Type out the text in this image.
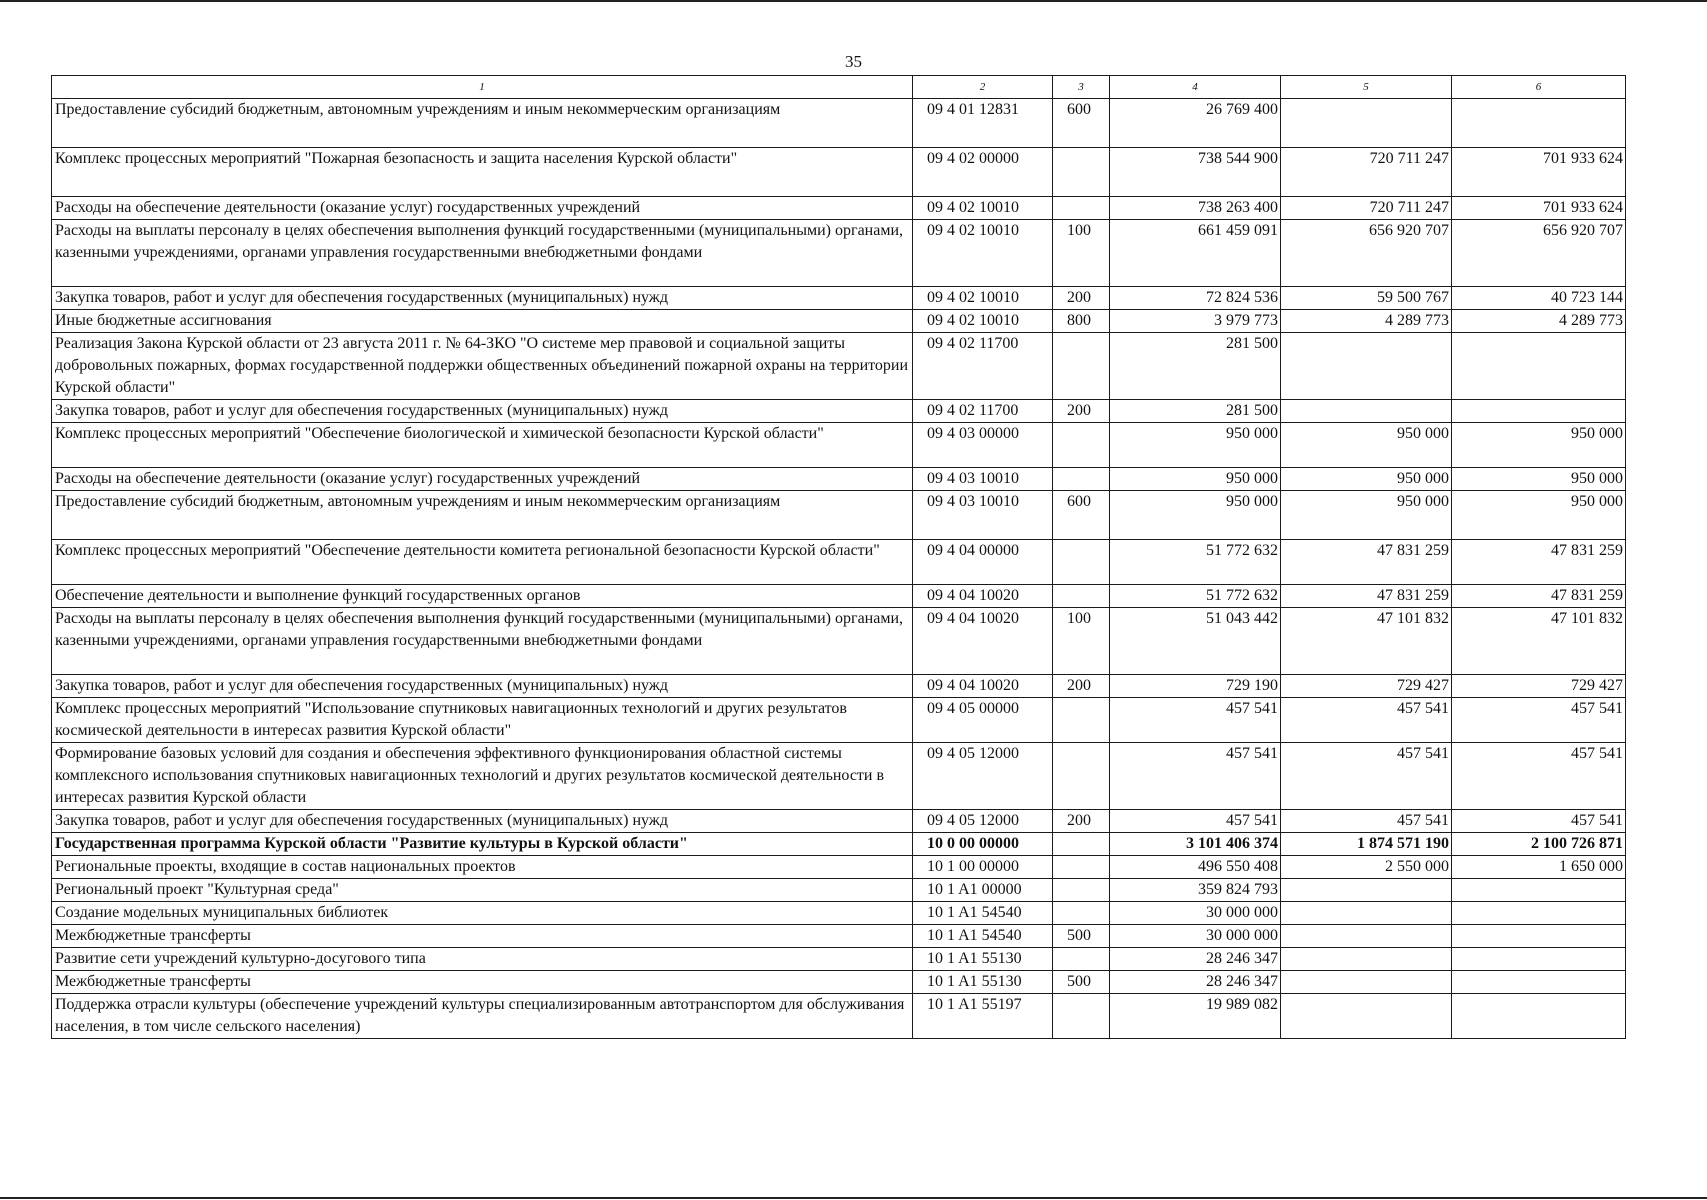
35
1	2	3	4	5	6
Предоставление субсидий бюджетным, автономным учреждениям и иным некоммерческим организациям	09 4 01 12831	600	26 769 400		
Комплекс процессных мероприятий "Пожарная безопасность и защита населения Курской области"	09 4 02 00000		738 544 900	720 711 247	701 933 624
Расходы на обеспечение деятельности (оказание услуг) государственных учреждений	09 4 02 10010		738 263 400	720 711 247	701 933 624
Расходы на выплаты персоналу в целях обеспечения выполнения функций государственными (муниципальными) органами, казенными учреждениями, органами управления государственными внебюджетными фондами	09 4 02 10010	100	661 459 091	656 920 707	656 920 707
Закупка товаров, работ и услуг для обеспечения государственных (муниципальных) нужд	09 4 02 10010	200	72 824 536	59 500 767	40 723 144
Иные бюджетные ассигнования	09 4 02 10010	800	3 979 773	4 289 773	4 289 773
Реализация Закона Курской области от 23 августа 2011 г. № 64-ЗКО "О системе мер правовой и социальной защиты добровольных пожарных, формах государственной поддержки общественных объединений пожарной охраны на территории Курской области"	09 4 02 11700		281 500		
Закупка товаров, работ и услуг для обеспечения государственных (муниципальных) нужд	09 4 02 11700	200	281 500		
Комплекс процессных мероприятий "Обеспечение биологической и химической безопасности Курской области"	09 4 03 00000		950 000	950 000	950 000
Расходы на обеспечение деятельности (оказание услуг) государственных учреждений	09 4 03 10010		950 000	950 000	950 000
Предоставление субсидий бюджетным, автономным учреждениям и иным некоммерческим организациям	09 4 03 10010	600	950 000	950 000	950 000
Комплекс процессных мероприятий "Обеспечение деятельности комитета региональной безопасности Курской области"	09 4 04 00000		51 772 632	47 831 259	47 831 259
Обеспечение деятельности и выполнение функций государственных органов	09 4 04 10020		51 772 632	47 831 259	47 831 259
Расходы на выплаты персоналу в целях обеспечения выполнения функций государственными (муниципальными) органами, казенными учреждениями, органами управления государственными внебюджетными фондами	09 4 04 10020	100	51 043 442	47 101 832	47 101 832
Закупка товаров, работ и услуг для обеспечения государственных (муниципальных) нужд	09 4 04 10020	200	729 190	729 427	729 427
Комплекс процессных мероприятий "Использование спутниковых навигационных технологий и других результатов космической деятельности в интересах развития Курской области"	09 4 05 00000		457 541	457 541	457 541
Формирование базовых условий для создания и обеспечения эффективного функционирования областной системы комплексного использования спутниковых навигационных технологий и других результатов космической деятельности в интересах развития Курской области	09 4 05 12000		457 541	457 541	457 541
Закупка товаров, работ и услуг для обеспечения государственных (муниципальных) нужд	09 4 05 12000	200	457 541	457 541	457 541
Государственная программа Курской области "Развитие культуры в Курской области"	10 0 00 00000		3 101 406 374	1 874 571 190	2 100 726 871
Региональные проекты, входящие в состав национальных проектов	10 1 00 00000		496 550 408	2 550 000	1 650 000
Региональный проект "Культурная среда"	10 1 A1 00000		359 824 793		
Создание модельных муниципальных библиотек	10 1 A1 54540		30 000 000		
Межбюджетные трансферты	10 1 A1 54540	500	30 000 000		
Развитие сети учреждений культурно-досугового типа	10 1 A1 55130		28 246 347		
Межбюджетные трансферты	10 1 A1 55130	500	28 246 347		
Поддержка отрасли культуры (обеспечение учреждений культуры специализированным автотранспортом для обслуживания населения, в том числе сельского населения)	10 1 A1 55197		19 989 082		
